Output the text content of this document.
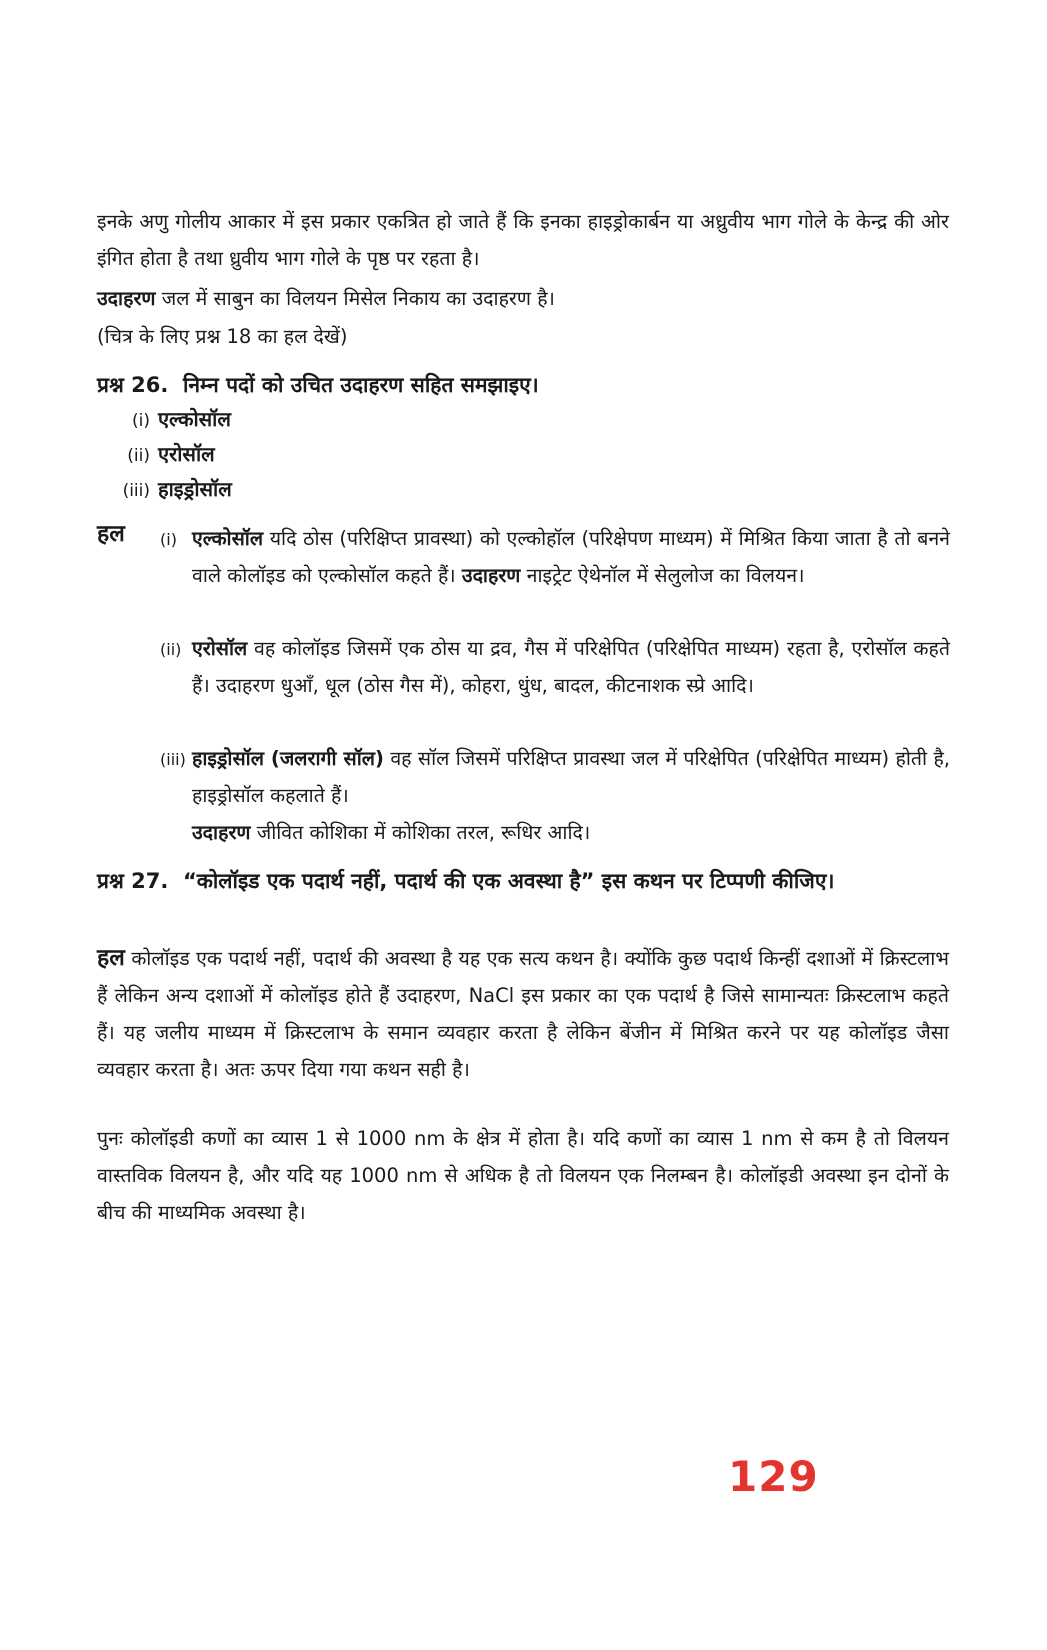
इनके अणु गोलीय आकार में इस प्रकार एकत्रित हो जाते हैं कि इनका हाइड्रोकार्बन या अध्रुवीय भाग गोले के केन्द्र की ओर इंगित होता है तथा ध्रुवीय भाग गोले के पृष्ठ पर रहता है।

उदाहरण जल में साबुन का विलयन मिसेल निकाय का उदाहरण है।

(चित्र के लिए प्रश्न 18 का हल देखें)

प्रश्न 26. निम्न पदों को उचित उदाहरण सहित समझाइए।

(i) एल्कोसॉल
(ii) एरोसॉल
(iii) हाइड्रोसॉल
हल (i) एल्कोसॉल यदि ठोस (परिक्षिप्त प्रावस्था) को एल्कोहॉल (परिक्षेपण माध्यम) में मिश्रित किया जाता है तो बनने वाले कोलॉइड को एल्कोसॉल कहते हैं। उदाहरण नाइट्रेट ऐथेनॉल में सेलुलोज का विलयन।

(ii) एरोसॉल वह कोलॉइड जिसमें एक ठोस या द्रव, गैस में परिक्षेपित (परिक्षेपित माध्यम) रहता है, एरोसॉल कहते हैं। उदाहरण धुआँ, धूल (ठोस गैस में), कोहरा, धुंध, बादल, कीटनाशक स्प्रे आदि।

(iii) हाइड्रोसॉल (जलरागी सॉल) वह सॉल जिसमें परिक्षिप्त प्रावस्था जल में परिक्षेपित (परिक्षेपित माध्यम) होती है, हाइड्रोसॉल कहलाते हैं।

उदाहरण जीवित कोशिका में कोशिका तरल, रूधिर आदि।

प्रश्न 27. “कोलॉइड एक पदार्थ नहीं, पदार्थ की एक अवस्था है” इस कथन पर टिप्पणी कीजिए।

हल कोलॉइड एक पदार्थ नहीं, पदार्थ की अवस्था है यह एक सत्य कथन है। क्योंकि कुछ पदार्थ किन्हीं दशाओं में क्रिस्टलाभ हैं लेकिन अन्य दशाओं में कोलॉइड होते हैं उदाहरण, NaCl इस प्रकार का एक पदार्थ है जिसे सामान्यतः क्रिस्टलाभ कहते हैं। यह जलीय माध्यम में क्रिस्टलाभ के समान व्यवहार करता है लेकिन बेंजीन में मिश्रित करने पर यह कोलॉइड जैसा व्यवहार करता है। अतः ऊपर दिया गया कथन सही है।

पुनः कोलॉइडी कणों का व्यास 1 से 1000 nm के क्षेत्र में होता है। यदि कणों का व्यास 1 nm से कम है तो विलयन वास्तविक विलयन है, और यदि यह 1000 nm से अधिक है तो विलयन एक निलम्बन है। कोलॉइडी अवस्था इन दोनों के बीच की माध्यमिक अवस्था है।

129
